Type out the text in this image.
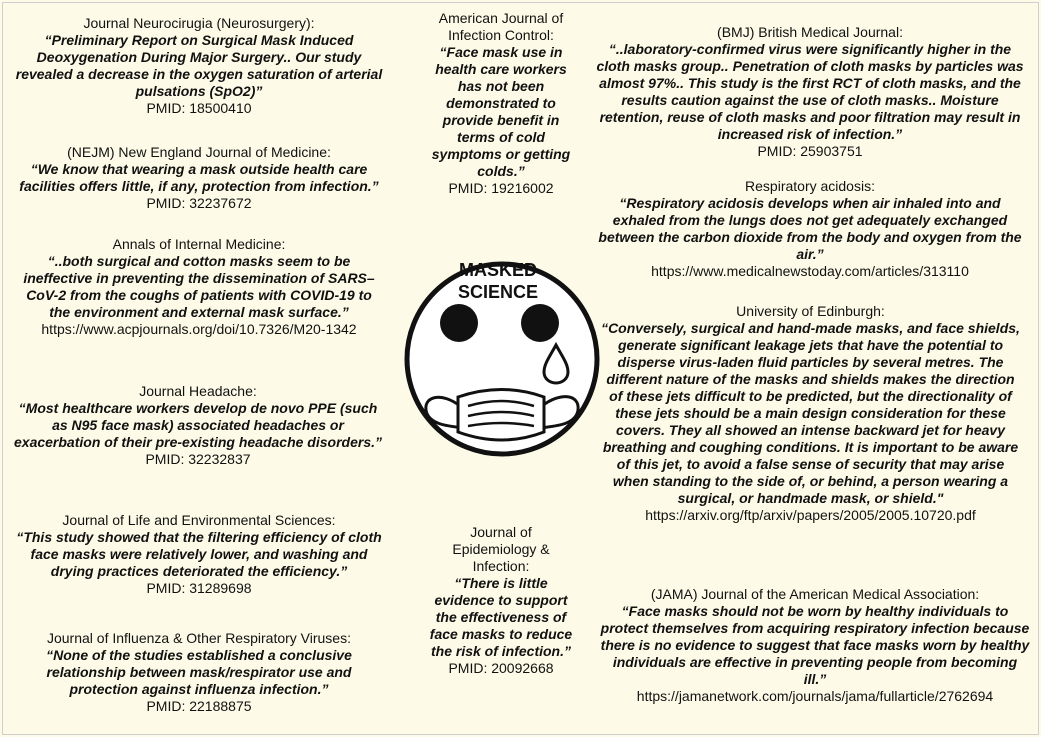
Journal Neurocirugia (Neurosurgery):
“Preliminary Report on Surgical Mask Induced Deoxygenation During Major Surgery.. Our study revealed a decrease in the oxygen saturation of arterial pulsations (SpO2)”
PMID: 18500410
(NEJM) New England Journal of Medicine:
“We know that wearing a mask outside health care facilities offers little, if any, protection from infection.”
PMID: 32237672
Annals of Internal Medicine:
“..both surgical and cotton masks seem to be ineffective in preventing the dissemination of SARS–CoV-2 from the coughs of patients with COVID-19 to the environment and external mask surface.”
https://www.acpjournals.org/doi/10.7326/M20-1342
Journal Headache:
“Most healthcare workers develop de novo PPE (such as N95 face mask) associated headaches or exacerbation of their pre-existing headache disorders.”
PMID: 32232837
Journal of Life and Environmental Sciences:
“This study showed that the filtering efficiency of cloth face masks were relatively lower, and washing and drying practices deteriorated the efficiency.”
PMID: 31289698
Journal of Influenza & Other Respiratory Viruses:
“None of the studies established a conclusive relationship between mask/respirator use and protection against influenza infection.”
PMID: 22188875
American Journal of Infection Control:
“Face mask use in health care workers has not been demonstrated to provide benefit in terms of cold symptoms or getting colds.”
PMID: 19216002
Journal of Epidemiology & Infection:
“There is little evidence to support the effectiveness of face masks to reduce the risk of infection.”
PMID: 20092668
MASKED
SCIENCE
(BMJ) British Medical Journal:
“..laboratory-confirmed virus were significantly higher in the cloth masks group.. Penetration of cloth masks by particles was almost 97%.. This study is the first RCT of cloth masks, and the results caution against the use of cloth masks.. Moisture retention, reuse of cloth masks and poor filtration may result in increased risk of infection.”
PMID: 25903751
Respiratory acidosis:
“Respiratory acidosis develops when air inhaled into and exhaled from the lungs does not get adequately exchanged between the carbon dioxide from the body and oxygen from the air.”
https://www.medicalnewstoday.com/articles/313110
University of Edinburgh:
“Conversely, surgical and hand-made masks, and face shields, generate significant leakage jets that have the potential to disperse virus-laden fluid particles by several metres. The different nature of the masks and shields makes the direction of these jets difficult to be predicted, but the directionality of these jets should be a main design consideration for these covers. They all showed an intense backward jet for heavy breathing and coughing conditions. It is important to be aware of this jet, to avoid a false sense of security that may arise when standing to the side of, or behind, a person wearing a surgical, or handmade mask, or shield."
https://arxiv.org/ftp/arxiv/papers/2005/2005.10720.pdf
(JAMA) Journal of the American Medical Association:
“Face masks should not be worn by healthy individuals to protect themselves from acquiring respiratory infection because there is no evidence to suggest that face masks worn by healthy individuals are effective in preventing people from becoming ill.”
https://jamanetwork.com/journals/jama/fullarticle/2762694
